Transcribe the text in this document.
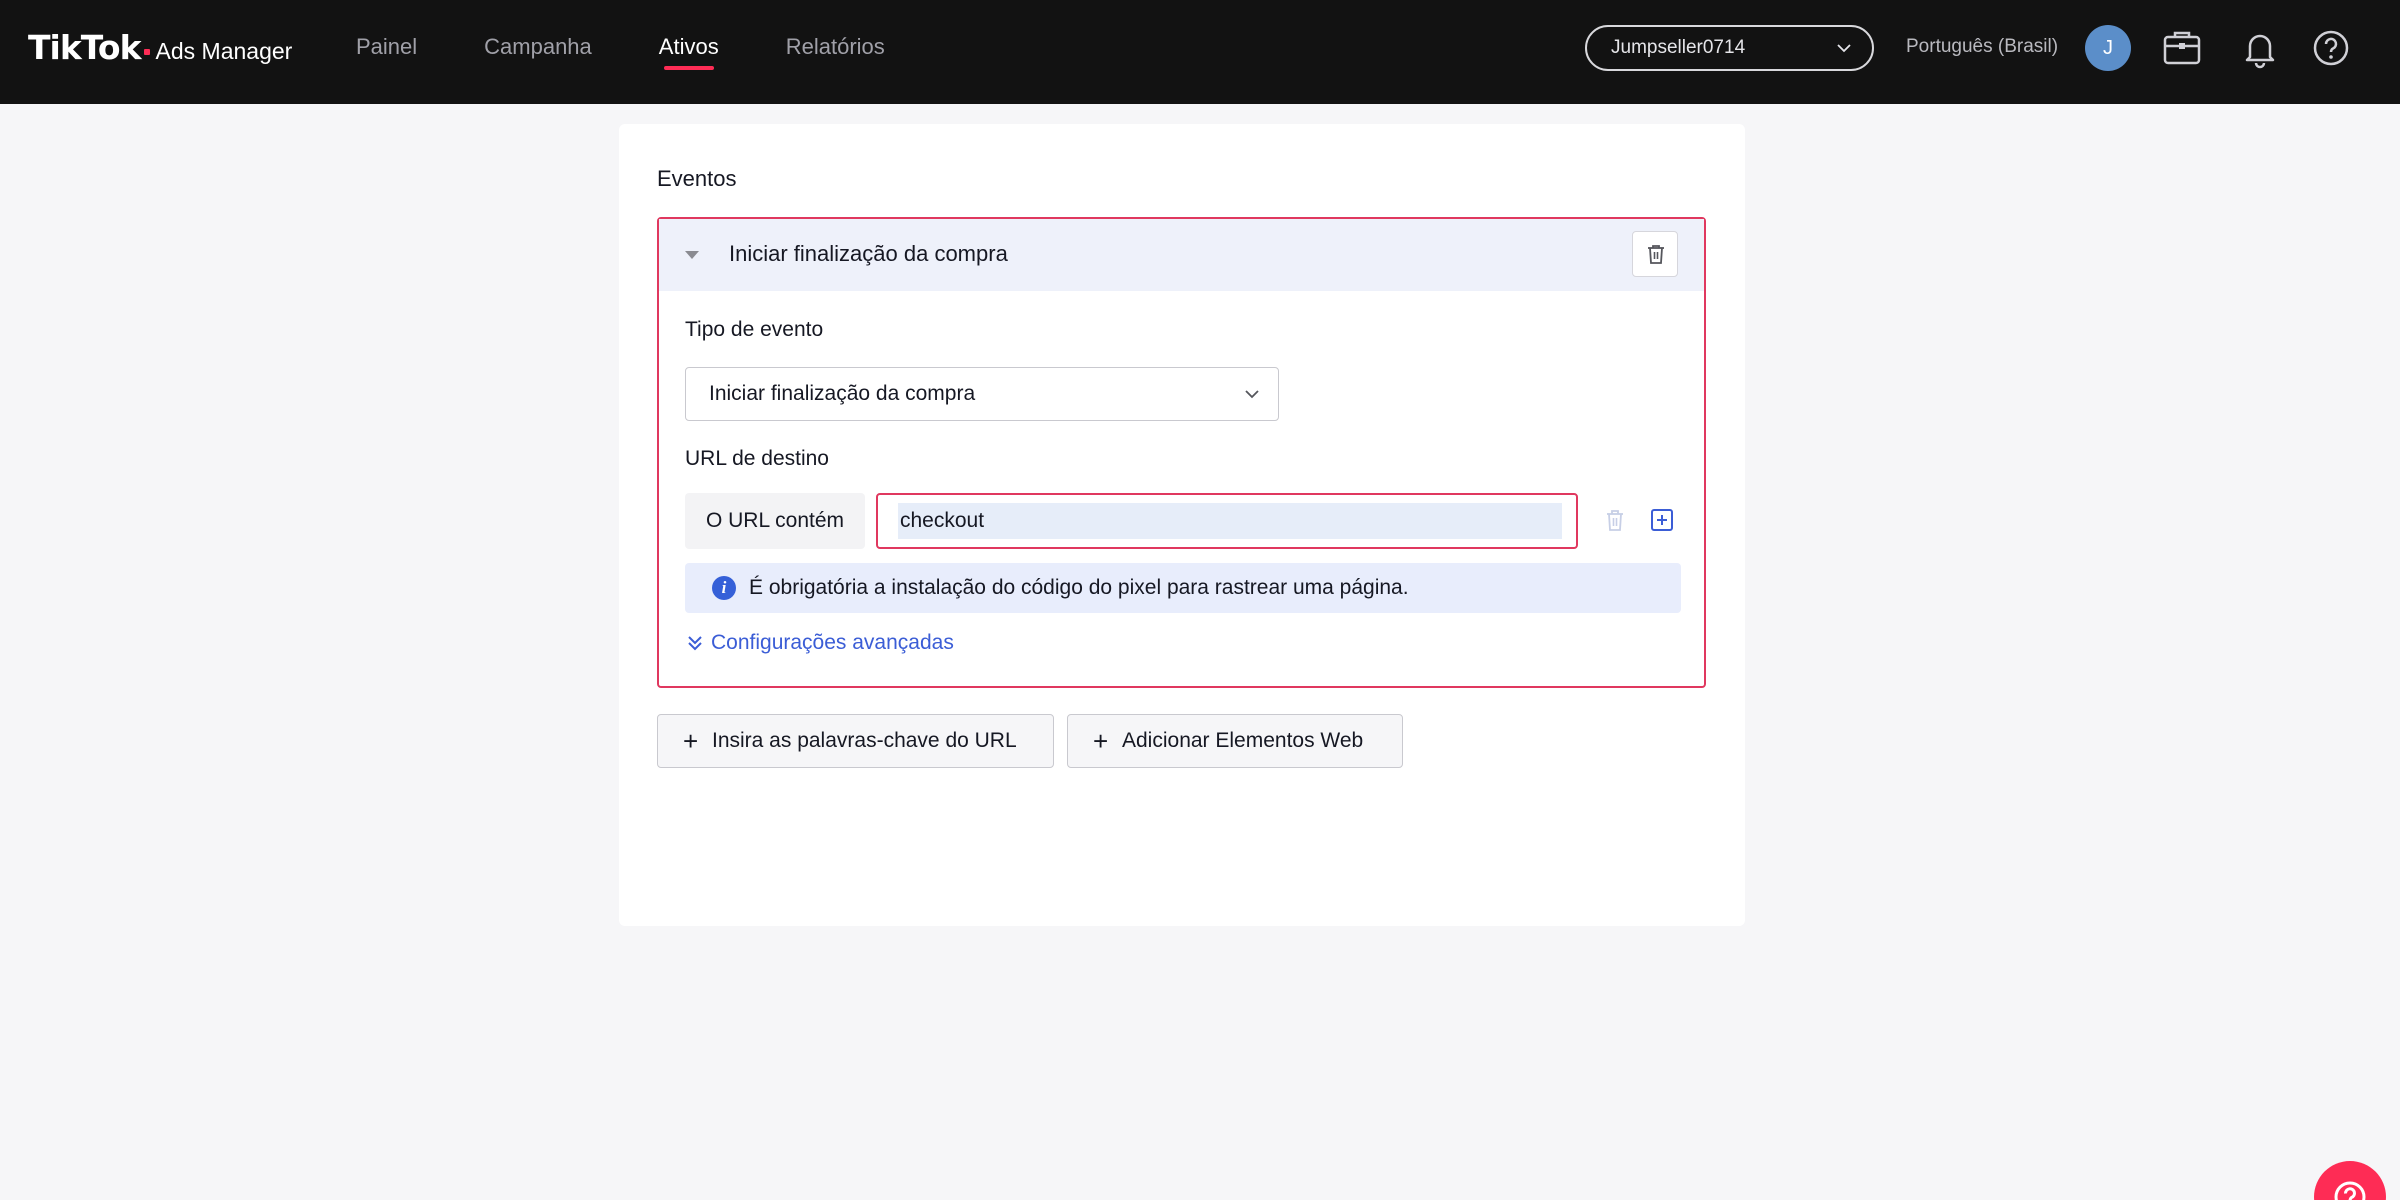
TikTok Ads Manager	Painel	Campanha	Ativos	Relatórios	Jumpseller0714	Português (Brasil)	J
Eventos
Iniciar finalização da compra
Tipo de evento
Iniciar finalização da compra
URL de destino
O URL contém
checkout
i	É obrigatória a instalação do código do pixel para rastrear uma página.
Configurações avançadas
+ Insira as palavras-chave do URL	+ Adicionar Elementos Web
